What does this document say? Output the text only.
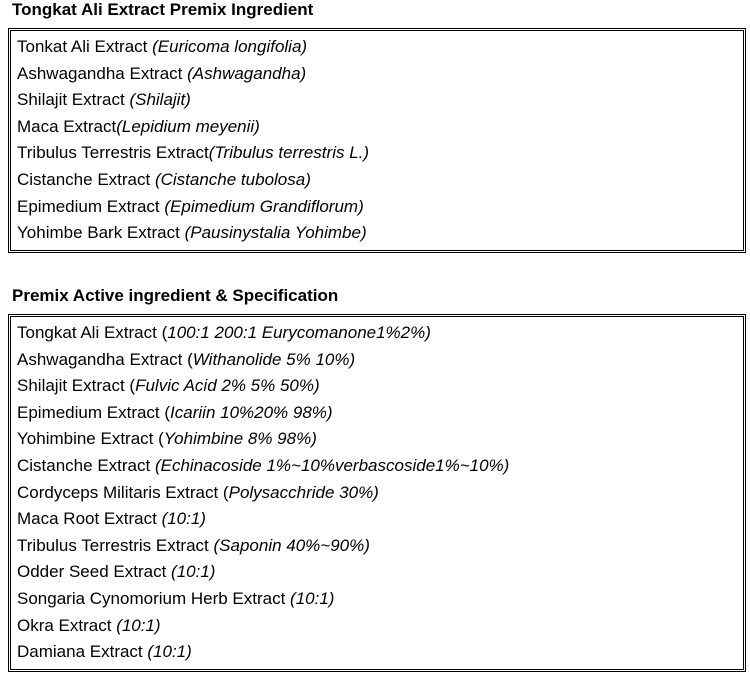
Tongkat Ali Extract Premix Ingredient
Tonkat Ali Extract (Euricoma longifolia)
Ashwagandha Extract (Ashwagandha)
Shilajit Extract (Shilajit)
Maca Extract(Lepidium meyenii)
Tribulus Terrestris Extract(Tribulus terrestris L.)
Cistanche Extract (Cistanche tubolosa)
Epimedium Extract (Epimedium Grandiflorum)
Yohimbe Bark Extract (Pausinystalia Yohimbe)
Premix Active ingredient & Specification
Tongkat Ali Extract (100:1 200:1 Eurycomanone1%2%)
Ashwagandha Extract (Withanolide 5% 10%)
Shilajit Extract (Fulvic Acid 2% 5% 50%)
Epimedium Extract (Icariin 10%20% 98%)
Yohimbine Extract (Yohimbine 8% 98%)
Cistanche Extract (Echinacoside 1%~10%verbascoside1%~10%)
Cordyceps Militaris Extract (Polysacchride 30%)
Maca Root Extract (10:1)
Tribulus Terrestris Extract (Saponin 40%~90%)
Odder Seed Extract (10:1)
Songaria Cynomorium Herb Extract (10:1)
Okra Extract (10:1)
Damiana Extract (10:1)
